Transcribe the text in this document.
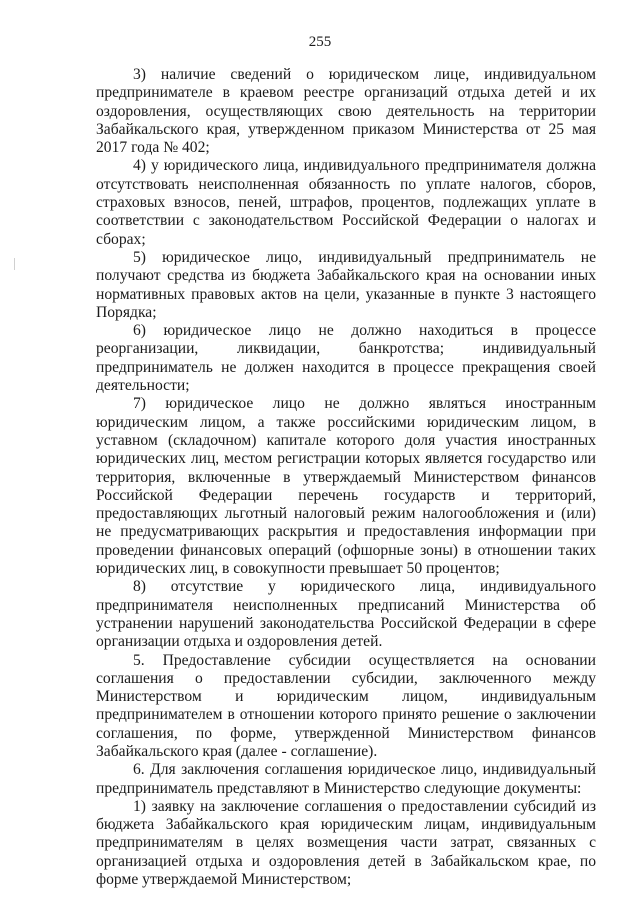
255

3) наличие сведений о юридическом лице, индивидуальном предпринимателе в краевом реестре организаций отдыха детей и их оздоровления, осуществляющих свою деятельность на территории Забайкальского края, утвержденном приказом Министерства от 25 мая 2017 года № 402;

4) у юридического лица, индивидуального предпринимателя должна отсутствовать неисполненная обязанность по уплате налогов, сборов, страховых взносов, пеней, штрафов, процентов, подлежащих уплате в соответствии с законодательством Российской Федерации о налогах и сборах;

5) юридическое лицо, индивидуальный предприниматель не получают средства из бюджета Забайкальского края на основании иных нормативных правовых актов на цели, указанные в пункте 3 настоящего Порядка;

6) юридическое лицо не должно находиться в процессе реорганизации, ликвидации, банкротства; индивидуальный предприниматель не должен находится в процессе прекращения своей деятельности;

7) юридическое лицо не должно являться иностранным юридическим лицом, а также российскими юридическим лицом, в уставном (складочном) капитале которого доля участия иностранных юридических лиц, местом регистрации которых является государство или территория, включенные в утверждаемый Министерством финансов Российской Федерации перечень государств и территорий, предоставляющих льготный налоговый режим налогообложения и (или) не предусматривающих раскрытия и предоставления информации при проведении финансовых операций (офшорные зоны) в отношении таких юридических лиц, в совокупности превышает 50 процентов;

8) отсутствие у юридического лица, индивидуального предпринимателя неисполненных предписаний Министерства об устранении нарушений законодательства Российской Федерации в сфере организации отдыха и оздоровления детей.

5. Предоставление субсидии осуществляется на основании соглашения о предоставлении субсидии, заключенного между Министерством и юридическим лицом, индивидуальным предпринимателем в отношении которого принято решение о заключении соглашения, по форме, утвержденной Министерством финансов Забайкальского края (далее - соглашение).

6. Для заключения соглашения юридическое лицо, индивидуальный предприниматель представляют в Министерство следующие документы:

1) заявку на заключение соглашения о предоставлении субсидий из бюджета Забайкальского края юридическим лицам, индивидуальным предпринимателям в целях возмещения части затрат, связанных с организацией отдыха и оздоровления детей в Забайкальском крае, по форме утверждаемой Министерством;
